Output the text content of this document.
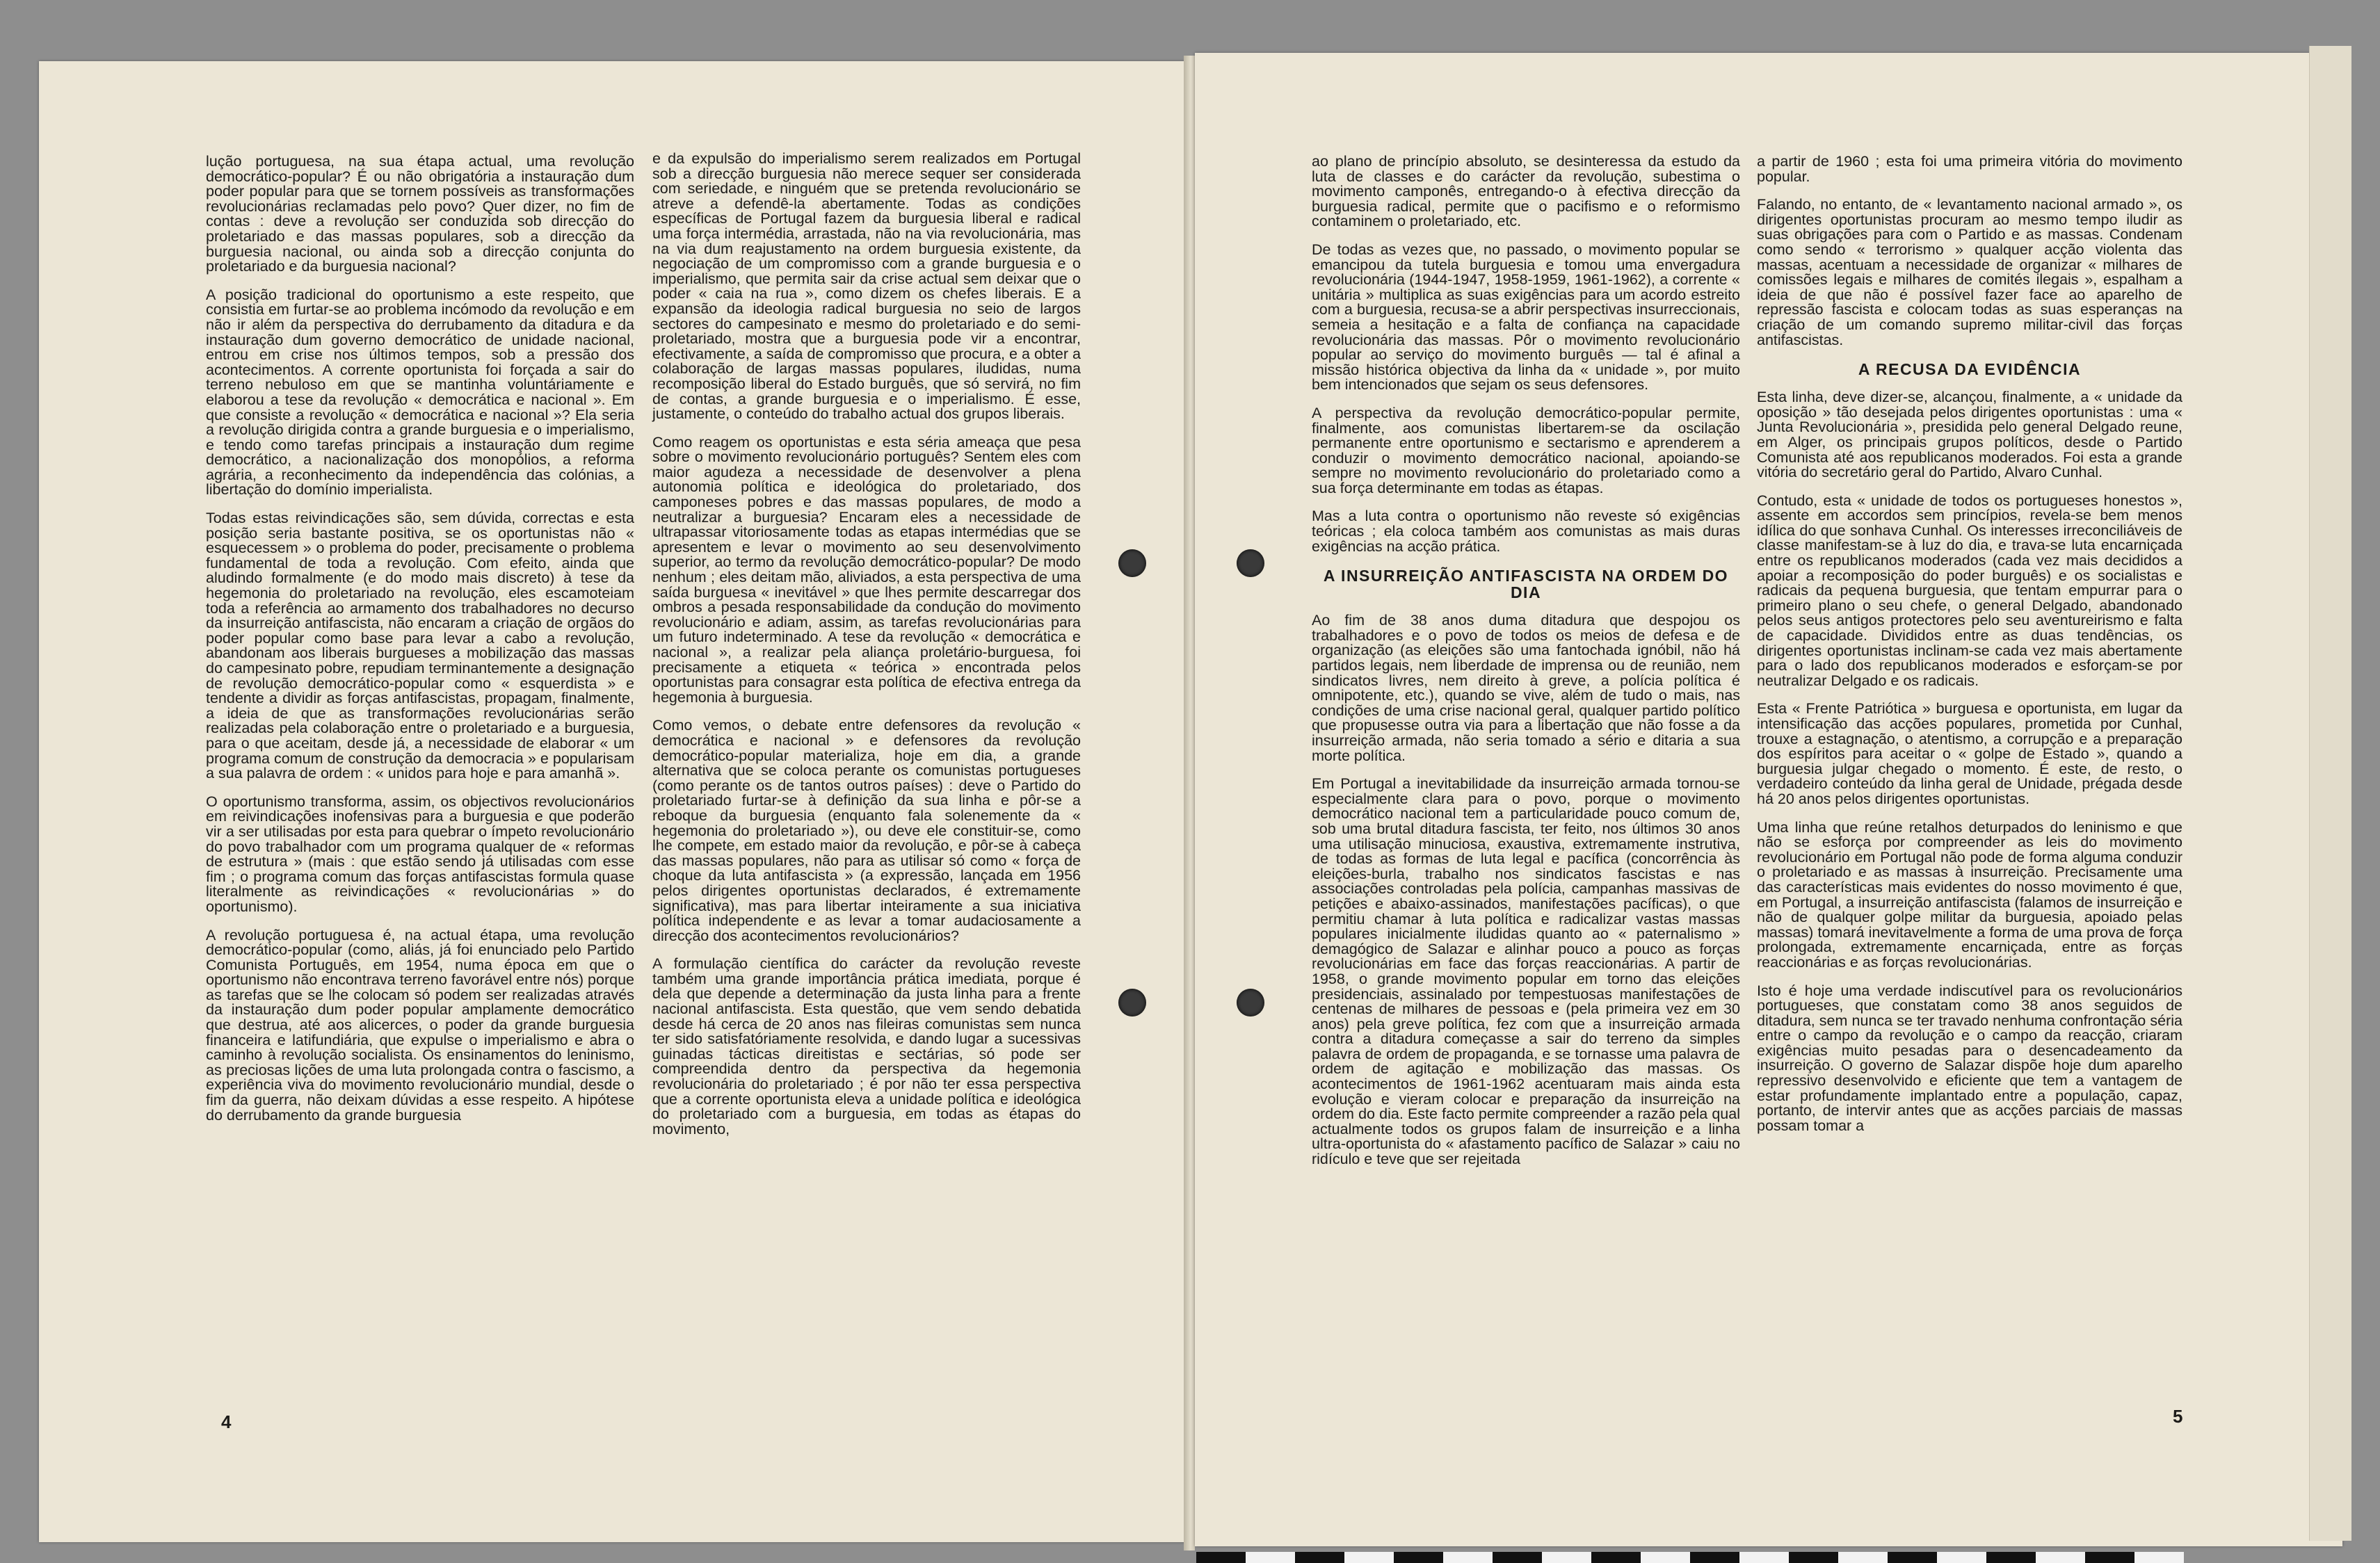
lução portuguesa, na sua étapa actual, uma revolução democrático-popular? É ou não obrigatória a instauração dum poder popular para que se tornem possíveis as transformações revolucionárias reclamadas pelo povo? Quer dizer, no fim de contas : deve a revolução ser conduzida sob direcção do proletariado e das massas populares, sob a direcção da burguesia nacional, ou ainda sob a direcção conjunta do proletariado e da burguesia nacional?

A posição tradicional do oportunismo a este respeito, que consistia em furtar-se ao problema incómodo da revolução e em não ir além da perspectiva do derrubamento da ditadura e da instauração dum governo democrático de unidade nacional, entrou em crise nos últimos tempos, sob a pressão dos acontecimentos. A corrente oportunista foi forçada a sair do terreno nebuloso em que se mantinha voluntáriamente e elaborou a tese da revolução « democrática e nacional ». Em que consiste a revolução « democrática e nacional »? Ela seria a revolução dirigida contra a grande burguesia e o imperialismo, e tendo como tarefas principais a instauração dum regime democrático, a nacionalização dos monopólios, a reforma agrária, a reconhecimento da independência das colónias, a libertação do domínio imperialista.

Todas estas reivindicações são, sem dúvida, correctas e esta posição seria bastante positiva, se os oportunistas não « esquecessem » o problema do poder, precisamente o problema fundamental de toda a revolução. Com efeito, ainda que aludindo formalmente (e do modo mais discreto) à tese da hegemonia do proletariado na revolução, eles escamoteiam toda a referência ao armamento dos trabalhadores no decurso da insurreição antifascista, não encaram a criação de orgãos do poder popular como base para levar a cabo a revolução, abandonam aos liberais burgueses a mobilização das massas do campesinato pobre, repudiam terminantemente a designação de revolução democrático-popular como « esquerdista » e tendente a dividir as forças antifascistas, propagam, finalmente, a ideia de que as transformações revolucionárias serão realizadas pela colaboração entre o proletariado e a burguesia, para o que aceitam, desde já, a necessidade de elaborar « um programa comum de construção da democracia » e popularisam a sua palavra de ordem : « unidos para hoje e para amanhã ».

O oportunismo transforma, assim, os objectivos revolucionários em reivindicações inofensivas para a burguesia e que poderão vir a ser utilisadas por esta para quebrar o ímpeto revolucionário do povo trabalhador com um programa qualquer de « reformas de estrutura » (mais : que estão sendo já utilisadas com esse fim ; o programa comum das forças antifascistas formula quase literalmente as reivindicações « revolucionárias » do oportunismo).

A revolução portuguesa é, na actual étapa, uma revolução democrático-popular (como, aliás, já foi enunciado pelo Partido Comunista Português, em 1954, numa época em que o oportunismo não encontrava terreno favorável entre nós) porque as tarefas que se lhe colocam só podem ser realizadas através da instauração dum poder popular amplamente democrático que destrua, até aos alicerces, o poder da grande burguesia financeira e latifundiária, que expulse o imperialismo e abra o caminho à revolução socialista. Os ensinamentos do leninismo, as preciosas lições de uma luta prolongada contra o fascismo, a experiência viva do movimento revolucionário mundial, desde o fim da guerra, não deixam dúvidas a esse respeito. A hipótese do derrubamento da grande burguesia

e da expulsão do imperialismo serem realizados em Portugal sob a direcção burguesia não merece sequer ser considerada com seriedade, e ninguém que se pretenda revolucionário se atreve a defendê-la abertamente. Todas as condições específicas de Portugal fazem da burguesia liberal e radical uma força intermédia, arrastada, não na via revolucionária, mas na via dum reajustamento na ordem burguesia existente, da negociação de um compromisso com a grande burguesia e o imperialismo, que permita sair da crise actual sem deixar que o poder « caia na rua », como dizem os chefes liberais. E a expansão da ideologia radical burguesia no seio de largos sectores do campesinato e mesmo do proletariado e do semi-proletariado, mostra que a burguesia pode vir a encontrar, efectivamente, a saída de compromisso que procura, e a obter a colaboração de largas massas populares, iludidas, numa recomposição liberal do Estado burguês, que só servirá, no fim de contas, a grande burguesia e o imperialismo. É esse, justamente, o conteúdo do trabalho actual dos grupos liberais.

Como reagem os oportunistas e esta séria ameaça que pesa sobre o movimento revolucionário português? Sentem eles com maior agudeza a necessidade de desenvolver a plena autonomia política e ideológica do proletariado, dos camponeses pobres e das massas populares, de modo a neutralizar a burguesia? Encaram eles a necessidade de ultrapassar vitoriosamente todas as etapas intermédias que se apresentem e levar o movimento ao seu desenvolvimento superior, ao termo da revolução democrático-popular? De modo nenhum ; eles deitam mão, aliviados, a esta perspectiva de uma saída burguesa « inevitável » que lhes permite descarregar dos ombros a pesada responsabilidade da condução do movimento revolucionário e adiam, assim, as tarefas revolucionárias para um futuro indeterminado. A tese da revolução « democrática e nacional », a realizar pela aliança proletário-burguesa, foi precisamente a etiqueta « teórica » encontrada pelos oportunistas para consagrar esta política de efectiva entrega da hegemonia à burguesia.

Como vemos, o debate entre defensores da revolução « democrática e nacional » e defensores da revolução democrático-popular materializa, hoje em dia, a grande alternativa que se coloca perante os comunistas portugueses (como perante os de tantos outros países) : deve o Partido do proletariado furtar-se à definição da sua linha e pôr-se a reboque da burguesia (enquanto fala solenemente da « hegemonia do proletariado »), ou deve ele constituir-se, como lhe compete, em estado maior da revolução, e pôr-se à cabeça das massas populares, não para as utilisar só como « força de choque da luta antifascista » (a expressão, lançada em 1956 pelos dirigentes oportunistas declarados, é extremamente significativa), mas para libertar inteiramente a sua iniciativa política independente e as levar a tomar audaciosamente a direcção dos acontecimentos revolucionários?

A formulação científica do carácter da revolução reveste também uma grande importância prática imediata, porque é dela que depende a determinação da justa linha para a frente nacional antifascista. Esta questão, que vem sendo debatida desde há cerca de 20 anos nas fileiras comunistas sem nunca ter sido satisfatóriamente resolvida, e dando lugar a sucessivas guinadas tácticas direitistas e sectárias, só pode ser compreendida dentro da perspectiva da hegemonia revolucionária do proletariado ; é por não ter essa perspectiva que a corrente oportunista eleva a unidade política e ideológica do proletariado com a burguesia, em todas as étapas do movimento,

4

ao plano de princípio absoluto, se desinteressa da estudo da luta de classes e do carácter da revolução, subestima o movimento camponês, entregando-o à efectiva direcção da burguesia radical, permite que o pacifismo e o reformismo contaminem o proletariado, etc.

De todas as vezes que, no passado, o movimento popular se emancipou da tutela burguesia e tomou uma envergadura revolucionária (1944-1947, 1958-1959, 1961-1962), a corrente « unitária » multiplica as suas exigências para um acordo estreito com a burguesia, recusa-se a abrir perspectivas insurreccionais, semeia a hesitação e a falta de confiança na capacidade revolucionária das massas. Pôr o movimento revolucionário popular ao serviço do movimento burguês — tal é afinal a missão histórica objectiva da linha da « unidade », por muito bem intencionados que sejam os seus defensores.

A perspectiva da revolução democrático-popular permite, finalmente, aos comunistas libertarem-se da oscilação permanente entre oportunismo e sectarismo e aprenderem a conduzir o movimento democrático nacional, apoiando-se sempre no movimento revolucionário do proletariado como a sua força determinante em todas as étapas.

Mas a luta contra o oportunismo não reveste só exigências teóricas ; ela coloca também aos comunistas as mais duras exigências na acção prática.

A INSURREIÇÃO ANTIFASCISTA NA ORDEM DO DIA

Ao fim de 38 anos duma ditadura que despojou os trabalhadores e o povo de todos os meios de defesa e de organização (as eleições são uma fantochada ignóbil, não há partidos legais, nem liberdade de imprensa ou de reunião, nem sindicatos livres, nem direito à greve, a polícia política é omnipotente, etc.), quando se vive, além de tudo o mais, nas condições de uma crise nacional geral, qualquer partido político que propusesse outra via para a libertação que não fosse a da insurreição armada, não seria tomado a sério e ditaria a sua morte política.

Em Portugal a inevitabilidade da insurreição armada tornou-se especialmente clara para o povo, porque o movimento democrático nacional tem a particularidade pouco comum de, sob uma brutal ditadura fascista, ter feito, nos últimos 30 anos uma utilisação minuciosa, exaustiva, extremamente instrutiva, de todas as formas de luta legal e pacífica (concorrência às eleições-burla, trabalho nos sindicatos fascistas e nas associações controladas pela polícia, campanhas massivas de petições e abaixo-assinados, manifestações pacíficas), o que permitiu chamar à luta política e radicalizar vastas massas populares inicialmente iludidas quanto ao « paternalismo » demagógico de Salazar e alinhar pouco a pouco as forças revolucionárias em face das forças reaccionárias. A partir de 1958, o grande movimento popular em torno das eleições presidenciais, assinalado por tempestuosas manifestações de centenas de milhares de pessoas e (pela primeira vez em 30 anos) pela greve política, fez com que a insurreição armada contra a ditadura começasse a sair do terreno da simples palavra de ordem de propaganda, e se tornasse uma palavra de ordem de agitação e mobilização das massas. Os acontecimentos de 1961-1962 acentuaram mais ainda esta evolução e vieram colocar e preparação da insurreição na ordem do dia. Este facto permite compreender a razão pela qual actualmente todos os grupos falam de insurreição e a linha ultra-oportunista do « afastamento pacífico de Salazar » caiu no ridículo e teve que ser rejeitada

a partir de 1960 ; esta foi uma primeira vitória do movimento popular.

Falando, no entanto, de « levantamento nacional armado », os dirigentes oportunistas procuram ao mesmo tempo iludir as suas obrigações para com o Partido e as massas. Condenam como sendo « terrorismo » qualquer acção violenta das massas, acentuam a necessidade de organizar « milhares de comissões legais e milhares de comités ilegais », espalham a ideia de que não é possível fazer face ao aparelho de repressão fascista e colocam todas as suas esperanças na criação de um comando supremo militar-civil das forças antifascistas.

A RECUSA DA EVIDÊNCIA

Esta linha, deve dizer-se, alcançou, finalmente, a « unidade da oposição » tão desejada pelos dirigentes oportunistas : uma « Junta Revolucionária », presidida pelo general Delgado reune, em Alger, os principais grupos políticos, desde o Partido Comunista até aos republicanos moderados. Foi esta a grande vitória do secretário geral do Partido, Alvaro Cunhal.

Contudo, esta « unidade de todos os portugueses honestos », assente em accordos sem princípios, revela-se bem menos idílica do que sonhava Cunhal. Os interesses irreconciliáveis de classe manifestam-se à luz do dia, e trava-se luta encarniçada entre os republicanos moderados (cada vez mais decididos a apoiar a recomposição do poder burguês) e os socialistas e radicais da pequena burguesia, que tentam empurrar para o primeiro plano o seu chefe, o general Delgado, abandonado pelos seus antigos protectores pelo seu aventureirismo e falta de capacidade. Divididos entre as duas tendências, os dirigentes oportunistas inclinam-se cada vez mais abertamente para o lado dos republicanos moderados e esforçam-se por neutralizar Delgado e os radicais.

Esta « Frente Patriótica » burguesa e oportunista, em lugar da intensificação das acções populares, prometida por Cunhal, trouxe a estagnação, o atentismo, a corrupção e a preparação dos espíritos para aceitar o « golpe de Estado », quando a burguesia julgar chegado o momento. É este, de resto, o verdadeiro conteúdo da linha geral de Unidade, prégada desde há 20 anos pelos dirigentes oportunistas.

Uma linha que reúne retalhos deturpados do leninismo e que não se esforça por compreender as leis do movimento revolucionário em Portugal não pode de forma alguma conduzir o proletariado e as massas à insurreição. Precisamente uma das características mais evidentes do nosso movimento é que, em Portugal, a insurreição antifascista (falamos de insurreição e não de qualquer golpe militar da burguesia, apoiado pelas massas) tomará inevitavelmente a forma de uma prova de força prolongada, extremamente encarniçada, entre as forças reaccionárias e as forças revolucionárias.

Isto é hoje uma verdade indiscutível para os revolucionários portugueses, que constatam como 38 anos seguidos de ditadura, sem nunca se ter travado nenhuma confrontação séria entre o campo da revolução e o campo da reacção, criaram exigências muito pesadas para o desencadeamento da insurreição. O governo de Salazar dispõe hoje dum aparelho repressivo desenvolvido e eficiente que tem a vantagem de estar profundamente implantado entre a população, capaz, portanto, de intervir antes que as acções parciais de massas possam tomar a

5
